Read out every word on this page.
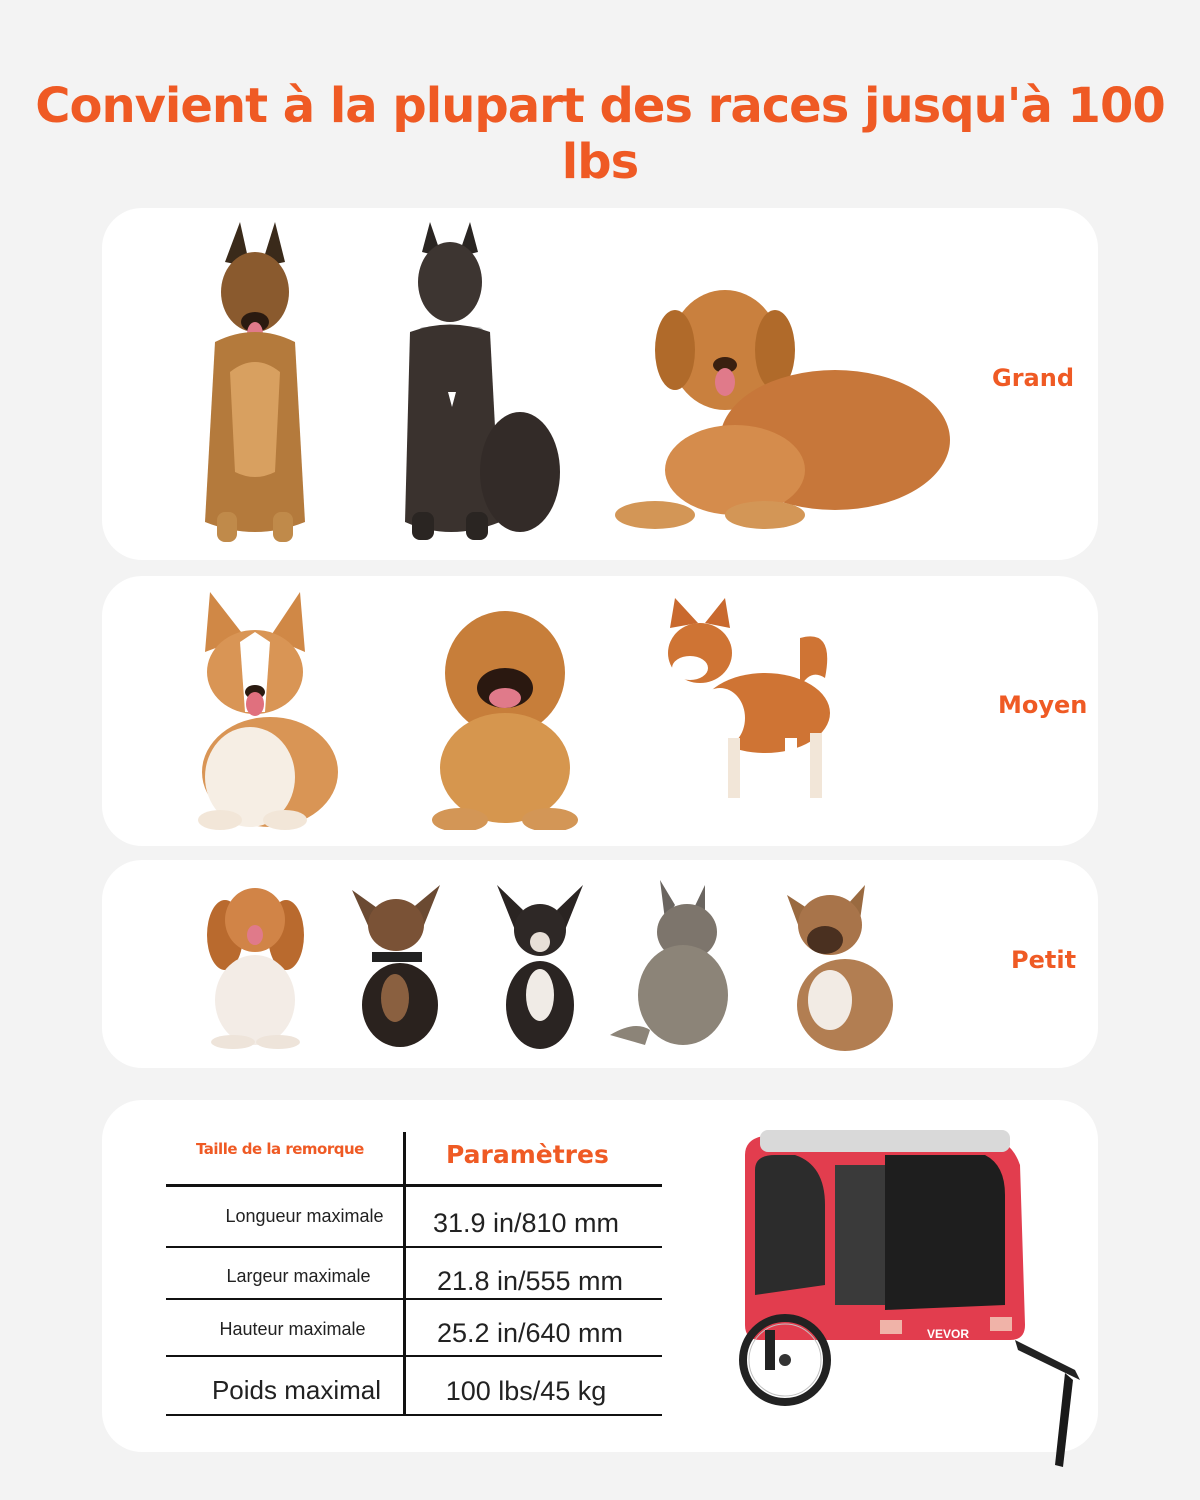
Convient à la plupart des races jusqu'à 100 lbs
Grand
Moyen
Petit
Taille de la remorque	Paramètres
Longueur maximale	31.9 in/810 mm
Largeur maximale	21.8 in/555 mm
Hauteur maximale	25.2 in/640 mm
Poids maximal	100 lbs/45 kg
VEVOR
